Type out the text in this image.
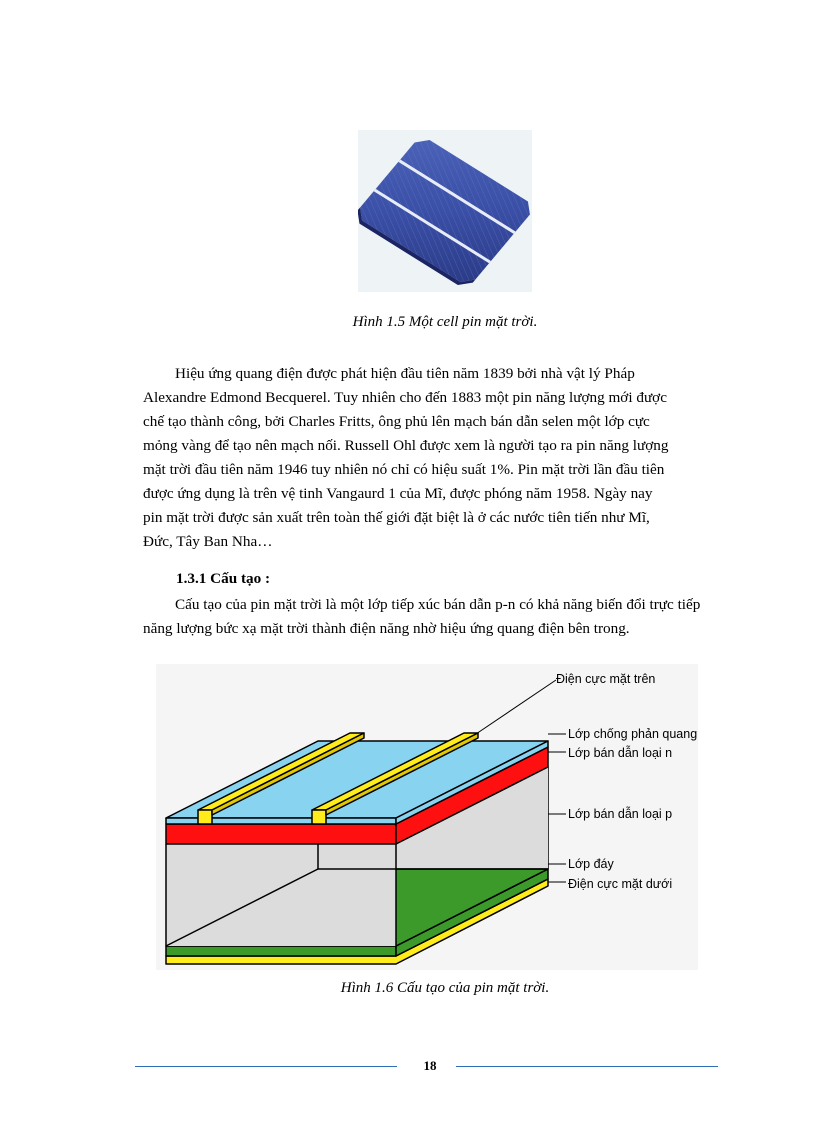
Hình 1.5 Một cell pin mặt trời.
Hiệu ứng quang điện được phát hiện đầu tiên năm 1839 bởi nhà vật lý Pháp
Alexandre Edmond Becquerel. Tuy nhiên cho đến 1883 một pin năng lượng mới được
chế tạo thành công, bởi Charles Fritts, ông phủ lên mạch bán dẫn selen một lớp cực
mỏng vàng để tạo nên mạch nối. Russell Ohl được xem là người tạo ra pin năng lượng
mặt trời đầu tiên năm 1946 tuy nhiên nó chỉ có hiệu suất 1%. Pin mặt trời lần đầu tiên
được ứng dụng là trên vệ tinh Vangaurd 1 của Mĩ, được phóng năm 1958. Ngày nay
pin mặt trời được sản xuất trên toàn thế giới đặt biệt là ở các nước tiên tiến như Mĩ,
Đức, Tây Ban Nha…
1.3.1 Cấu tạo :
Cấu tạo của pin mặt trời là một lớp tiếp xúc bán dẫn p-n có khả năng biến đổi trực tiếp
năng lượng bức xạ mặt trời thành điện năng nhờ hiệu ứng quang điện bên trong.
Điện cực mặt trên
Lớp chống phản quang
Lớp bán dẫn loại n
Lớp bán dẫn loại p
Lớp đáy
Điện cực mặt dưới
Hình 1.6 Cấu tạo của pin mặt trời.
18
